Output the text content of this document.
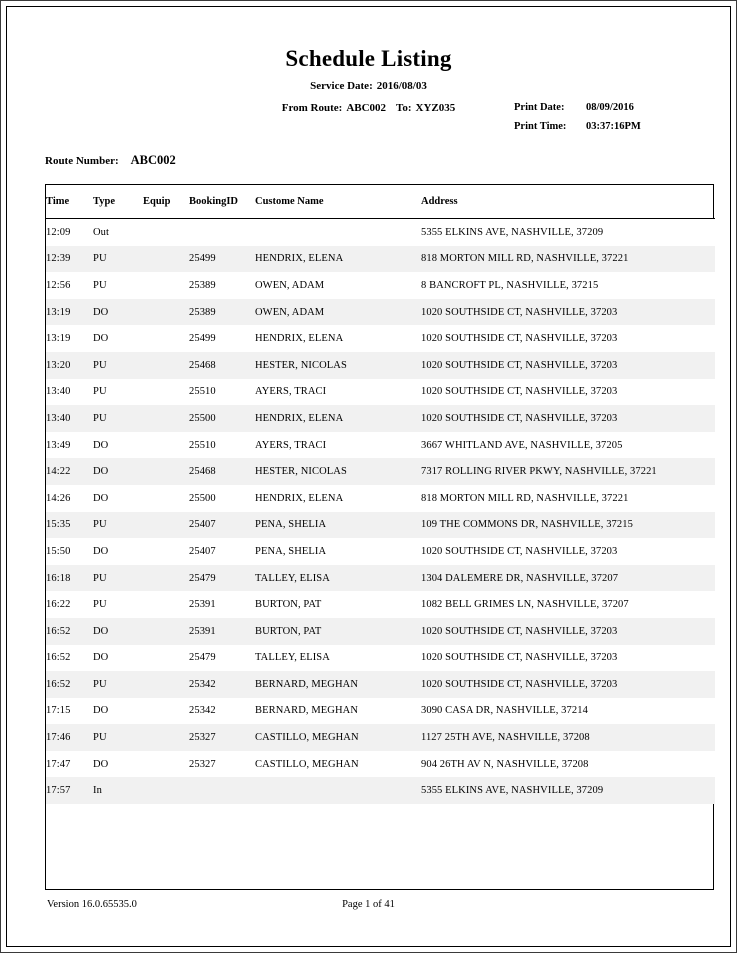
Schedule Listing
Service Date: 2016/08/03
From Route: ABC002 To: XYZ035	Print Date:	08/09/2016
Print Time:	03:37:16PM
Route Number: ABC002
Time	Type	Equip	BookingID	Custome Name	Address
12:09	Out				5355 ELKINS AVE, NASHVILLE, 37209
12:39	PU		25499	HENDRIX, ELENA	818 MORTON MILL RD, NASHVILLE, 37221
12:56	PU		25389	OWEN, ADAM	8 BANCROFT PL, NASHVILLE, 37215
13:19	DO		25389	OWEN, ADAM	1020 SOUTHSIDE CT, NASHVILLE, 37203
13:19	DO		25499	HENDRIX, ELENA	1020 SOUTHSIDE CT, NASHVILLE, 37203
13:20	PU		25468	HESTER, NICOLAS	1020 SOUTHSIDE CT, NASHVILLE, 37203
13:40	PU		25510	AYERS, TRACI	1020 SOUTHSIDE CT, NASHVILLE, 37203
13:40	PU		25500	HENDRIX, ELENA	1020 SOUTHSIDE CT, NASHVILLE, 37203
13:49	DO		25510	AYERS, TRACI	3667 WHITLAND AVE, NASHVILLE, 37205
14:22	DO		25468	HESTER, NICOLAS	7317 ROLLING RIVER PKWY, NASHVILLE, 37221
14:26	DO		25500	HENDRIX, ELENA	818 MORTON MILL RD, NASHVILLE, 37221
15:35	PU		25407	PENA, SHELIA	109 THE COMMONS DR, NASHVILLE, 37215
15:50	DO		25407	PENA, SHELIA	1020 SOUTHSIDE CT, NASHVILLE, 37203
16:18	PU		25479	TALLEY, ELISA	1304 DALEMERE DR, NASHVILLE, 37207
16:22	PU		25391	BURTON, PAT	1082 BELL GRIMES LN, NASHVILLE, 37207
16:52	DO		25391	BURTON, PAT	1020 SOUTHSIDE CT, NASHVILLE, 37203
16:52	DO		25479	TALLEY, ELISA	1020 SOUTHSIDE CT, NASHVILLE, 37203
16:52	PU		25342	BERNARD, MEGHAN	1020 SOUTHSIDE CT, NASHVILLE, 37203
17:15	DO		25342	BERNARD, MEGHAN	3090 CASA DR, NASHVILLE, 37214
17:46	PU		25327	CASTILLO, MEGHAN	1127 25TH AVE, NASHVILLE, 37208
17:47	DO		25327	CASTILLO, MEGHAN	904 26TH AV N, NASHVILLE, 37208
17:57	In				5355 ELKINS AVE, NASHVILLE, 37209
Version 16.0.65535.0	Page 1 of 41
